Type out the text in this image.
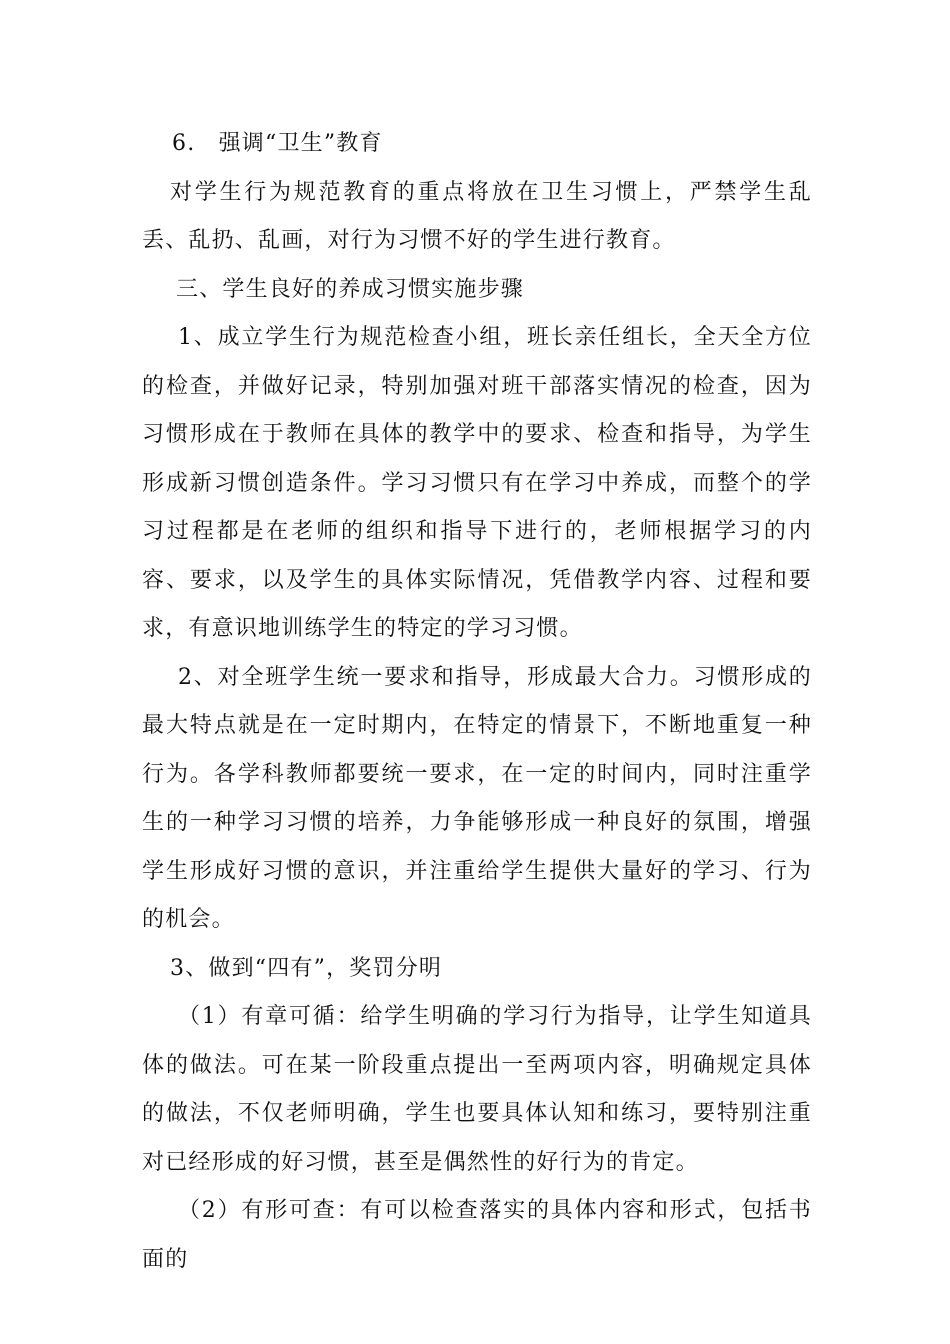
6.　强调“卫生”教育

对学生行为规范教育的重点将放在卫生习惯上，严禁学生乱丢、乱扔、乱画，对行为习惯不好的学生进行教育。

三、学生良好的养成习惯实施步骤

1、成立学生行为规范检查小组，班长亲任组长，全天全方位的检查，并做好记录，特别加强对班干部落实情况的检查，因为习惯形成在于教师在具体的教学中的要求、检查和指导，为学生形成新习惯创造条件。学习习惯只有在学习中养成，而整个的学习过程都是在老师的组织和指导下进行的，老师根据学习的内容、要求，以及学生的具体实际情况，凭借教学内容、过程和要求，有意识地训练学生的特定的学习习惯。

2、对全班学生统一要求和指导，形成最大合力。习惯形成的最大特点就是在一定时期内，在特定的情景下，不断地重复一种行为。各学科教师都要统一要求，在一定的时间内，同时注重学生的一种学习习惯的培养，力争能够形成一种良好的氛围，增强学生形成好习惯的意识，并注重给学生提供大量好的学习、行为的机会。

3、做到“四有”，奖罚分明

（1）有章可循：给学生明确的学习行为指导，让学生知道具体的做法。可在某一阶段重点提出一至两项内容，明确规定具体的做法，不仅老师明确，学生也要具体认知和练习，要特别注重对已经形成的好习惯，甚至是偶然性的好行为的肯定。

（2）有形可查：有可以检查落实的具体内容和形式，包括书面的
